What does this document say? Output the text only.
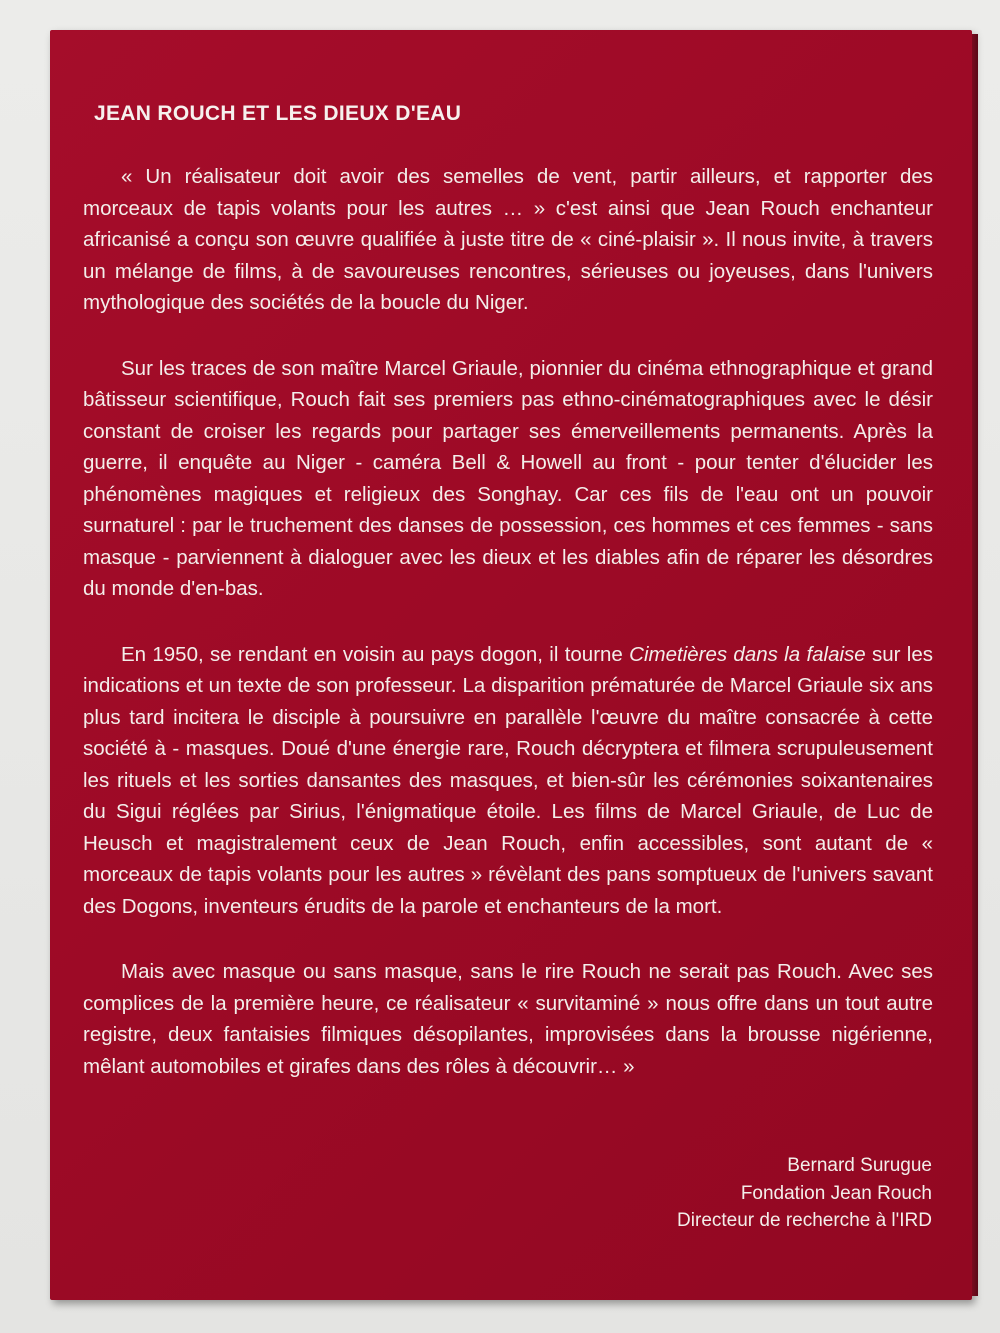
JEAN ROUCH ET LES DIEUX D'EAU

« Un réalisateur doit avoir des semelles de vent, partir ailleurs, et rapporter des morceaux de tapis volants pour les autres … » c'est ainsi que Jean Rouch enchanteur africanisé a conçu son œuvre qualifiée à juste titre de « ciné-plaisir ». Il nous invite, à travers un mélange de films, à de savoureuses rencontres, sérieuses ou joyeuses, dans l'univers mythologique des sociétés de la boucle du Niger.

Sur les traces de son maître Marcel Griaule, pionnier du cinéma ethnographique et grand bâtisseur scientifique, Rouch fait ses premiers pas ethno-cinématographiques avec le désir constant de croiser les regards pour partager ses émerveillements permanents. Après la guerre, il enquête au Niger - caméra Bell & Howell au front - pour tenter d'élucider les phénomènes magiques et religieux des Songhay. Car ces fils de l'eau ont un pouvoir surnaturel : par le truchement des danses de possession, ces hommes et ces femmes - sans masque - parviennent à dialoguer avec les dieux et les diables afin de réparer les désordres du monde d'en-bas.

En 1950, se rendant en voisin au pays dogon, il tourne Cimetières dans la falaise sur les indications et un texte de son professeur. La disparition prématurée de Marcel Griaule six ans plus tard incitera le disciple à poursuivre en parallèle l'œuvre du maître consacrée à cette société à - masques. Doué d'une énergie rare, Rouch décryptera et filmera scrupuleusement les rituels et les sorties dansantes des masques, et bien-sûr les cérémonies soixantenaires du Sigui réglées par Sirius, l'énigmatique étoile. Les films de Marcel Griaule, de Luc de Heusch et magistralement ceux de Jean Rouch, enfin accessibles, sont autant de « morceaux de tapis volants pour les autres » révèlant des pans somptueux de l'univers savant des Dogons, inventeurs érudits de la parole et enchanteurs de la mort.

Mais avec masque ou sans masque, sans le rire Rouch ne serait pas Rouch. Avec ses complices de la première heure, ce réalisateur « survitaminé » nous offre dans un tout autre registre, deux fantaisies filmiques désopilantes, improvisées dans la brousse nigérienne, mêlant automobiles et girafes dans des rôles à découvrir… »

Bernard Surugue
Fondation Jean Rouch
Directeur de recherche à l'IRD
